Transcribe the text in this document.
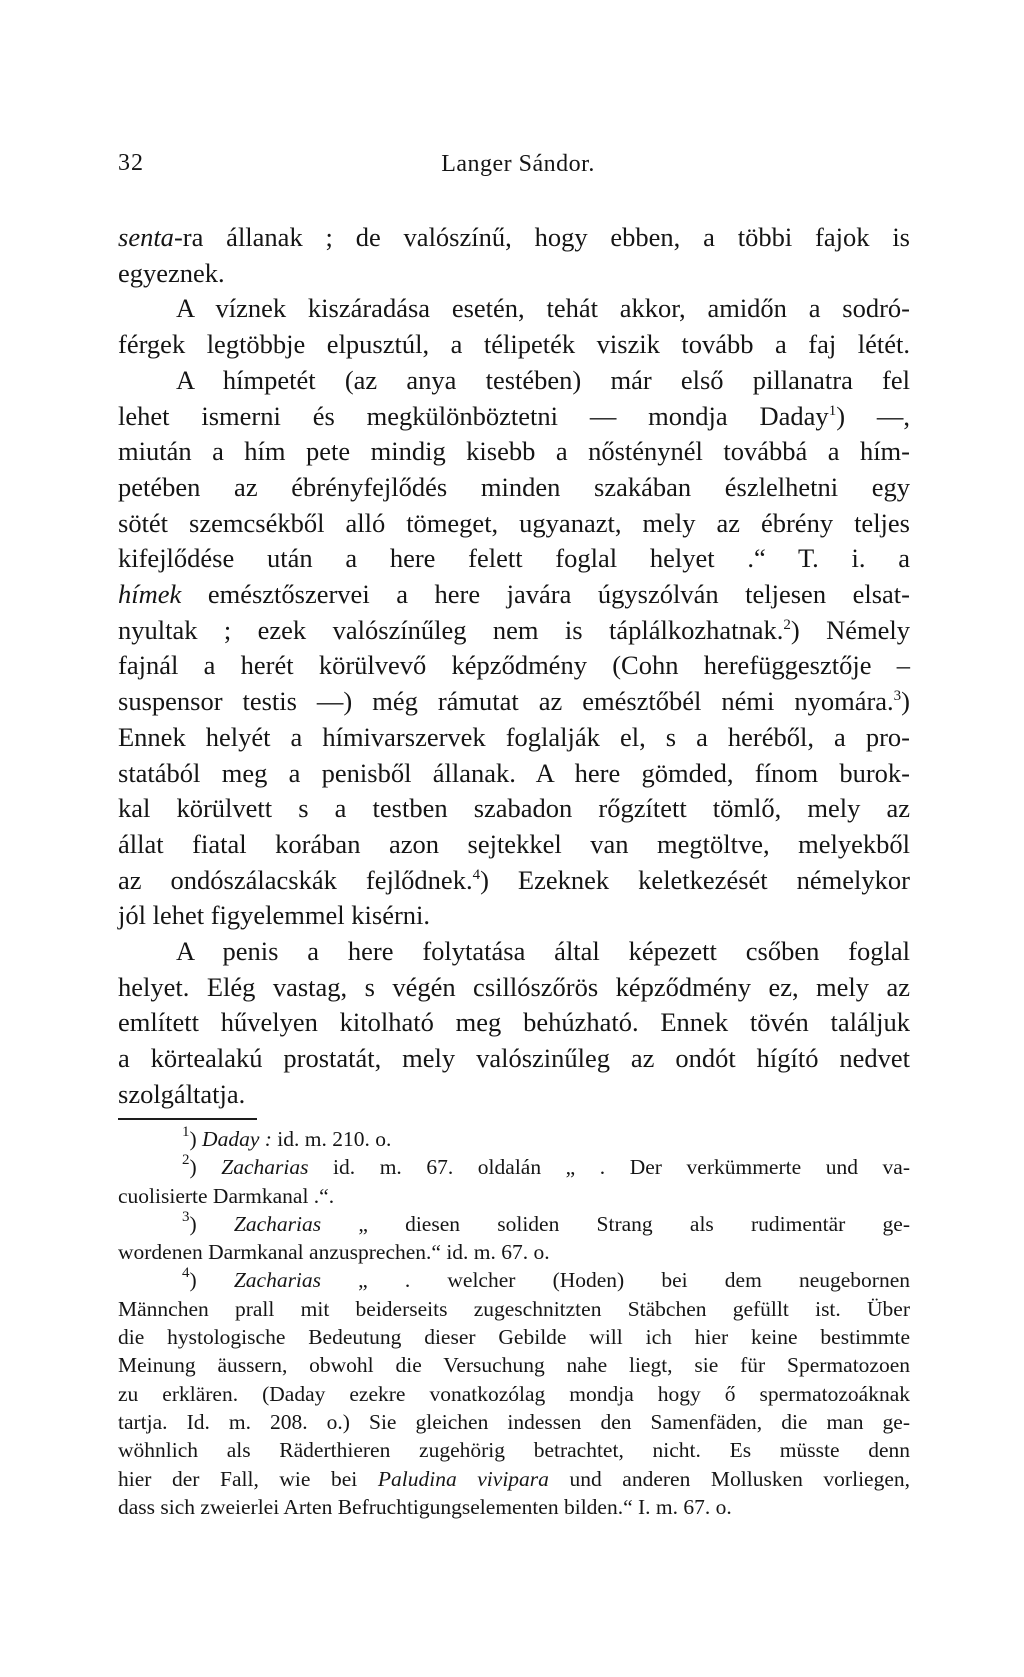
32	Langer Sándor.
senta-ra állanak ; de valószínű, hogy ebben, a többi fajok is
egyeznek.
A víznek kiszáradása esetén, tehát akkor, amidőn a sodró-
férgek legtöbbje elpusztúl, a télipeték viszik tovább a faj létét.
A hímpetét (az anya testében) már első pillanatra fel
lehet ismerni és megkülönböztetni — mondja Daday$^1$) —,
miután a hím pete mindig kisebb a nősténynél továbbá a hím-
petében az ébrényfejlődés minden szakában észlelhetni egy
sötét szemcsékből alló tömeget, ugyanazt, mely az ébrény teljes
kifejlődése után a here felett foglal helyet .“ T. i. a
hímek emésztőszervei a here javára úgyszólván teljesen elsat-
nyultak ; ezek valószínűleg nem is táplálkozhatnak.$^2$) Némely
fajnál a herét körülvevő képződmény (Cohn herefüggesztője –
suspensor testis —) még rámutat az emésztőbél némi nyomára.$^3$)
Ennek helyét a hímivarszervek foglalják el, s a heréből, a pro-
statából meg a penisből állanak. A here gömded, fínom burok-
kal körülvett s a testben szabadon rőgzített tömlő, mely az
állat fiatal korában azon sejtekkel van megtöltve, melyekből
az ondószálacskák fejlődnek.$^4$) Ezeknek keletkezését némelykor
jól lehet figyelemmel kisérni.
A penis a here folytatása által képezett csőben foglal
helyet. Elég vastag, s végén csillószőrös képződmény ez, mely az
említett hűvelyen kitolható meg behúzható. Ennek tövén találjuk
a körtealakú prostatát, mely valószinűleg az ondót hígító nedvet
szolgáltatja.
$^1$) Daday : id. m. 210. o.
$^2$) Zacharias id. m. 67. oldalán „ . Der verkümmerte und va-
cuolisierte Darmkanal .“.
$^3$) Zacharias „ diesen soliden Strang als rudimentär ge-
wordenen Darmkanal anzusprechen.“ id. m. 67. o.
$^4$) Zacharias „ . welcher (Hoden) bei dem neugebornen
Männchen prall mit beiderseits zugeschnitzten Stäbchen gefüllt ist. Über
die hystologische Bedeutung dieser Gebilde will ich hier keine bestimmte
Meinung äussern, obwohl die Versuchung nahe liegt, sie für Spermatozoen
zu erklären. (Daday ezekre vonatkozólag mondja hogy ő spermatozoáknak
tartja. Id. m. 208. o.) Sie gleichen indessen den Samenfäden, die man ge-
wöhnlich als Räderthieren zugehörig betrachtet, nicht. Es müsste denn
hier der Fall, wie bei Paludina vivipara und anderen Mollusken vorliegen,
dass sich zweierlei Arten Befruchtigungselementen bilden.“ I. m. 67. o.
